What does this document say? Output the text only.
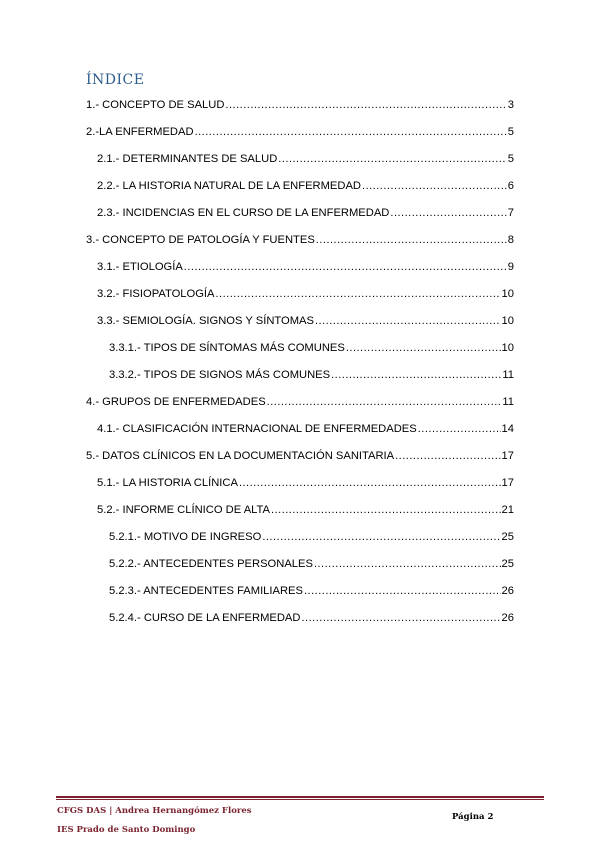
ÍNDICE
1.- CONCEPTO DE SALUD .....	3
2.-LA ENFERMEDAD .....	5
2.1.- DETERMINANTES DE SALUD .....	5
2.2.- LA HISTORIA NATURAL DE LA ENFERMEDAD .....	6
2.3.- INCIDENCIAS EN EL CURSO DE LA ENFERMEDAD .....	7
3.- CONCEPTO DE PATOLOGÍA Y FUENTES .....	8
3.1.- ETIOLOGÍA .....	9
3.2.- FISIOPATOLOGÍA .....	10
3.3.- SEMIOLOGÍA. SIGNOS Y SÍNTOMAS .....	10
3.3.1.- TIPOS DE SÍNTOMAS MÁS COMUNES .....	10
3.3.2.- TIPOS DE SIGNOS MÁS COMUNES .....	11
4.- GRUPOS DE ENFERMEDADES .....	11
4.1.- CLASIFICACIÓN INTERNACIONAL DE ENFERMEDADES .....	14
5.- DATOS CLÍNICOS EN LA DOCUMENTACIÓN SANITARIA .....	17
5.1.- LA HISTORIA CLÍNICA .....	17
5.2.- INFORME CLÍNICO DE ALTA .....	21
5.2.1.- MOTIVO DE INGRESO .....	25
5.2.2.- ANTECEDENTES PERSONALES .....	25
5.2.3.- ANTECEDENTES FAMILIARES .....	26
5.2.4.- CURSO DE LA ENFERMEDAD .....	26
CFGS DAS | Andrea Hernangómez Flores
IES Prado de Santo Domingo
Página 2
